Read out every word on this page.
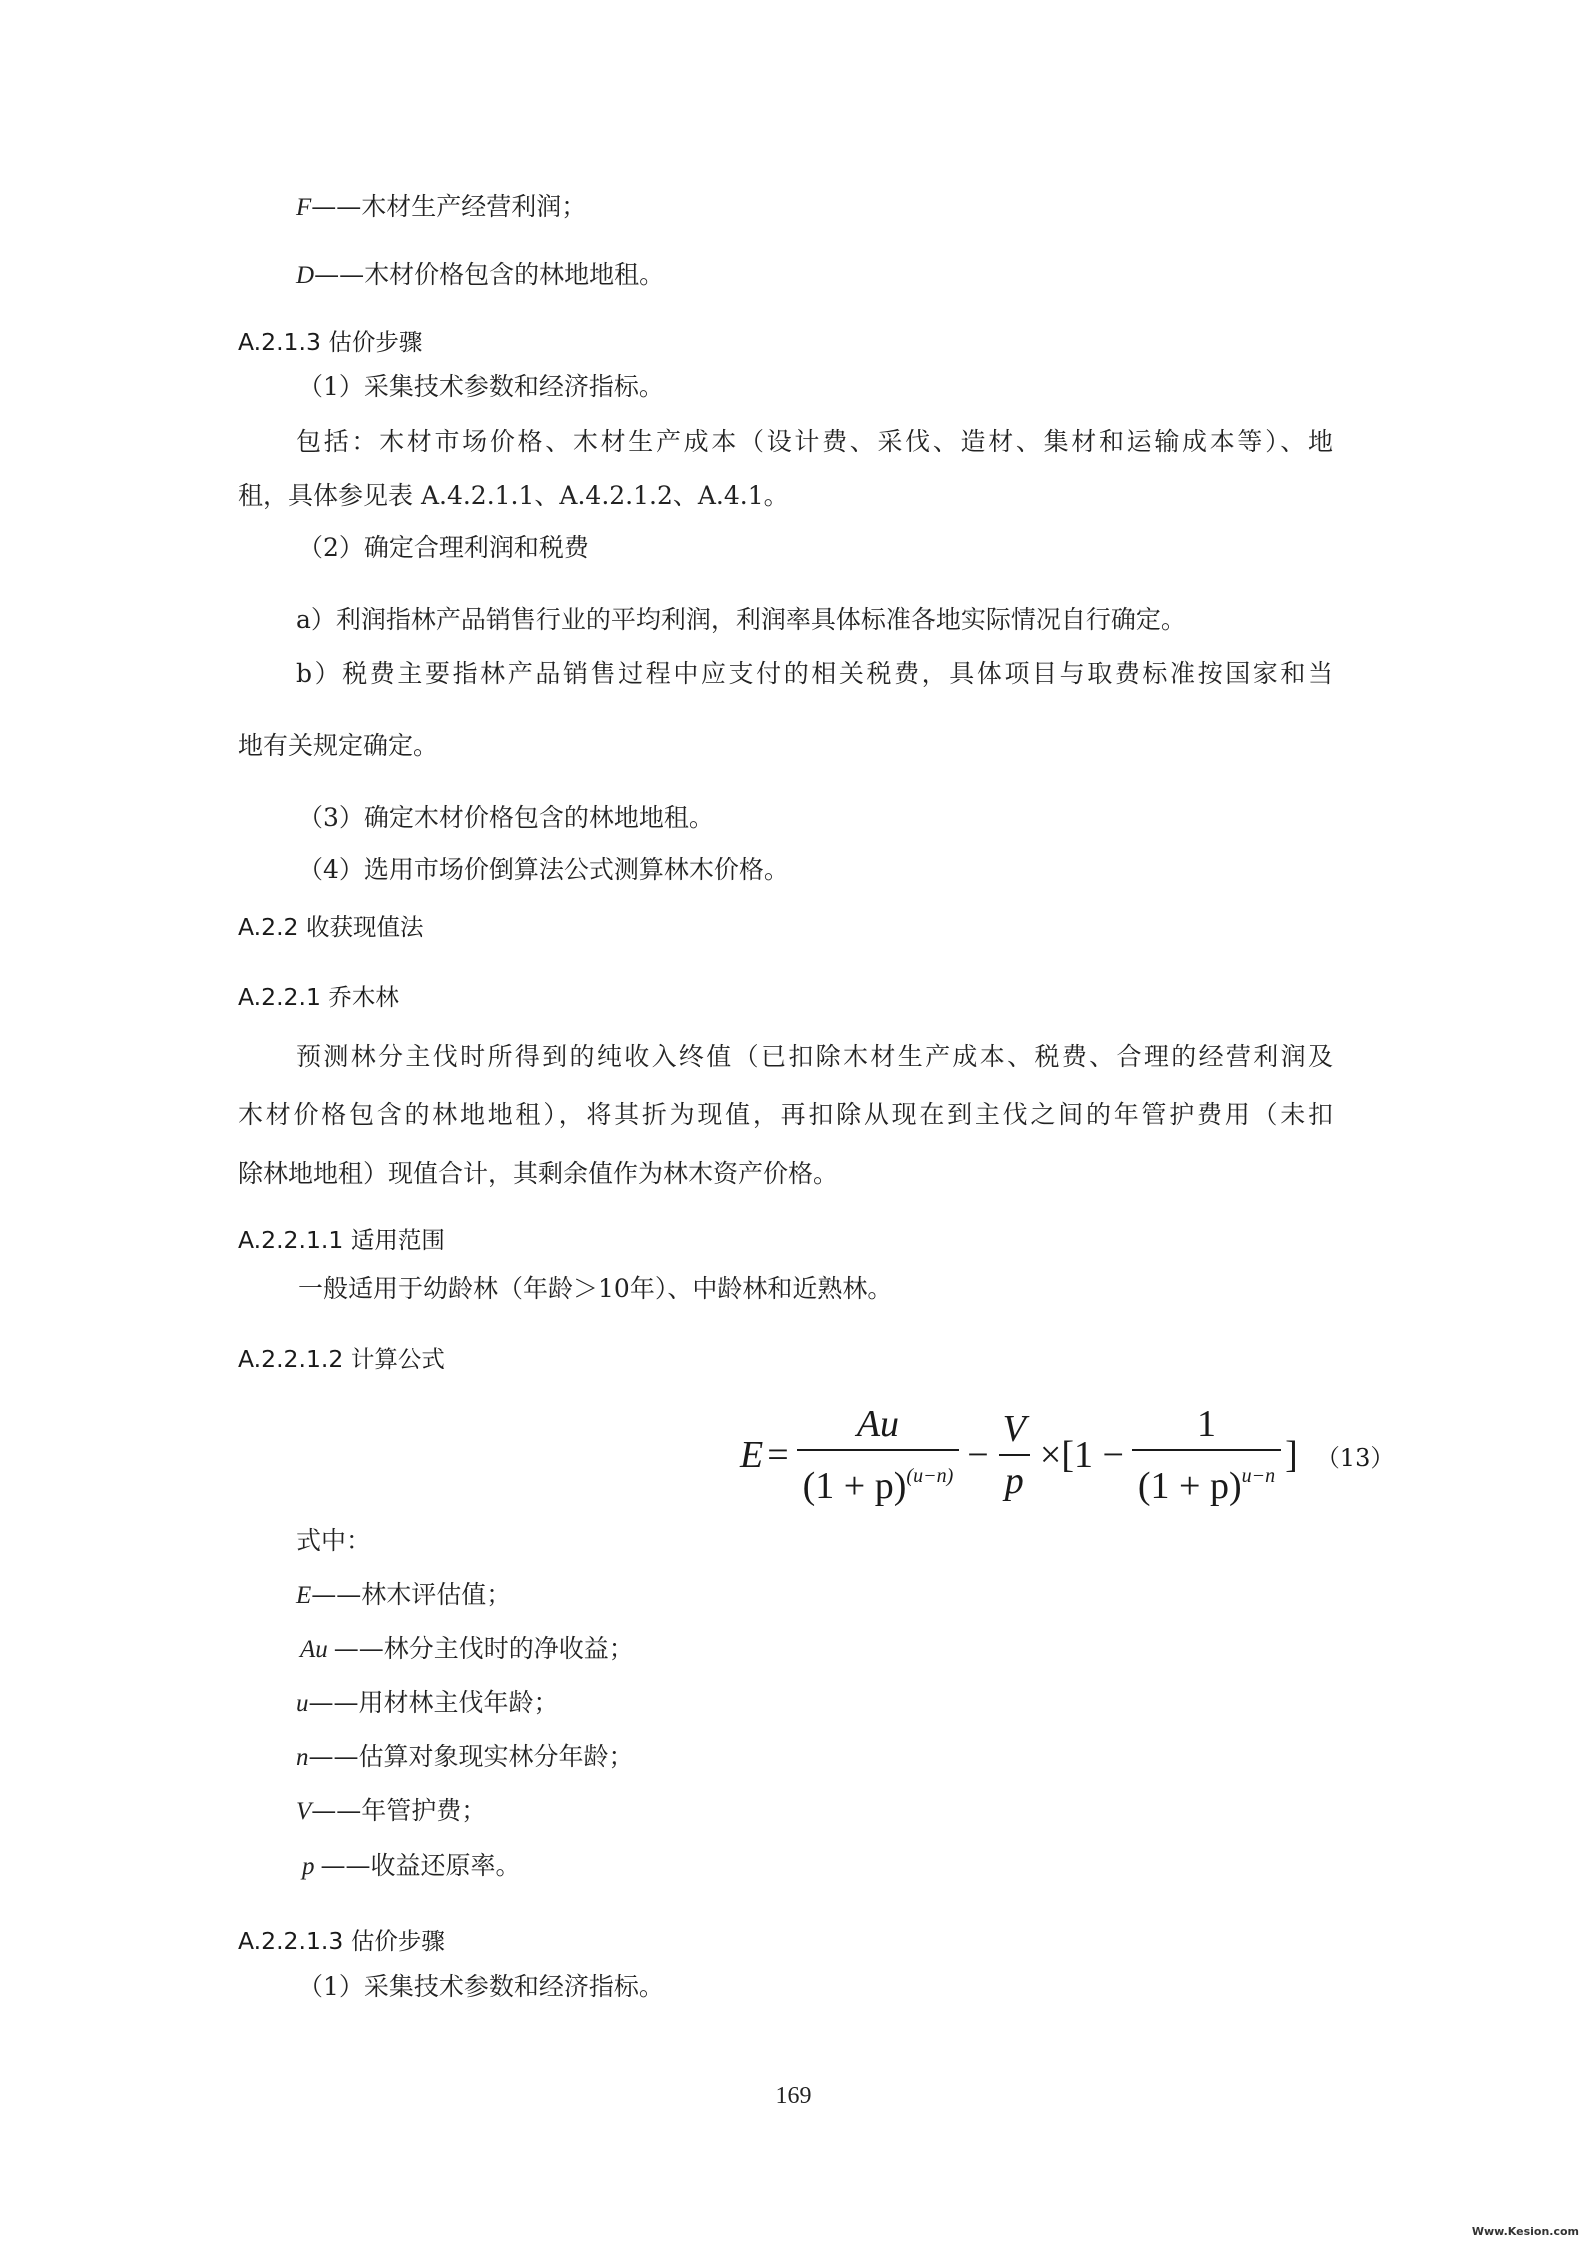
F——木材生产经营利润；
D——木材价格包含的林地地租。
A.2.1.3 估价步骤
（1）采集技术参数和经济指标。
包括：木材市场价格、木材生产成本（设计费、采伐、造材、集材和运输成本等）、地
租，具体参见表 A.4.2.1.1、A.4.2.1.2、A.4.1。
（2）确定合理利润和税费
a）利润指林产品销售行业的平均利润，利润率具体标准各地实际情况自行确定。
b）税费主要指林产品销售过程中应支付的相关税费，具体项目与取费标准按国家和当
地有关规定确定。
（3）确定木材价格包含的林地地租。
（4）选用市场价倒算法公式测算林木价格。
A.2.2 收获现值法
A.2.2.1 乔木林
预测林分主伐时所得到的纯收入终值（已扣除木材生产成本、税费、合理的经营利润及
木材价格包含的林地地租），将其折为现值，再扣除从现在到主伐之间的年管护费用（未扣
除林地地租）现值合计，其剩余值作为林木资产价格。
A.2.2.1.1 适用范围
一般适用于幼龄林（年龄＞10年）、中龄林和近熟林。
A.2.2.1.2 计算公式
$E = \frac{Au}{(1 + p)^{(u-n)}} - \frac{V}{p} \times[1 - \frac{1}{(1 + p)^{u-n}}$ ] （13）
式中：
E——林木评估值；
Au ——林分主伐时的净收益；
u——用材林主伐年龄；
n——估算对象现实林分年龄；
V——年管护费；
p ——收益还原率。
A.2.2.1.3 估价步骤
（1）采集技术参数和经济指标。
169
Www.Kesion.com
